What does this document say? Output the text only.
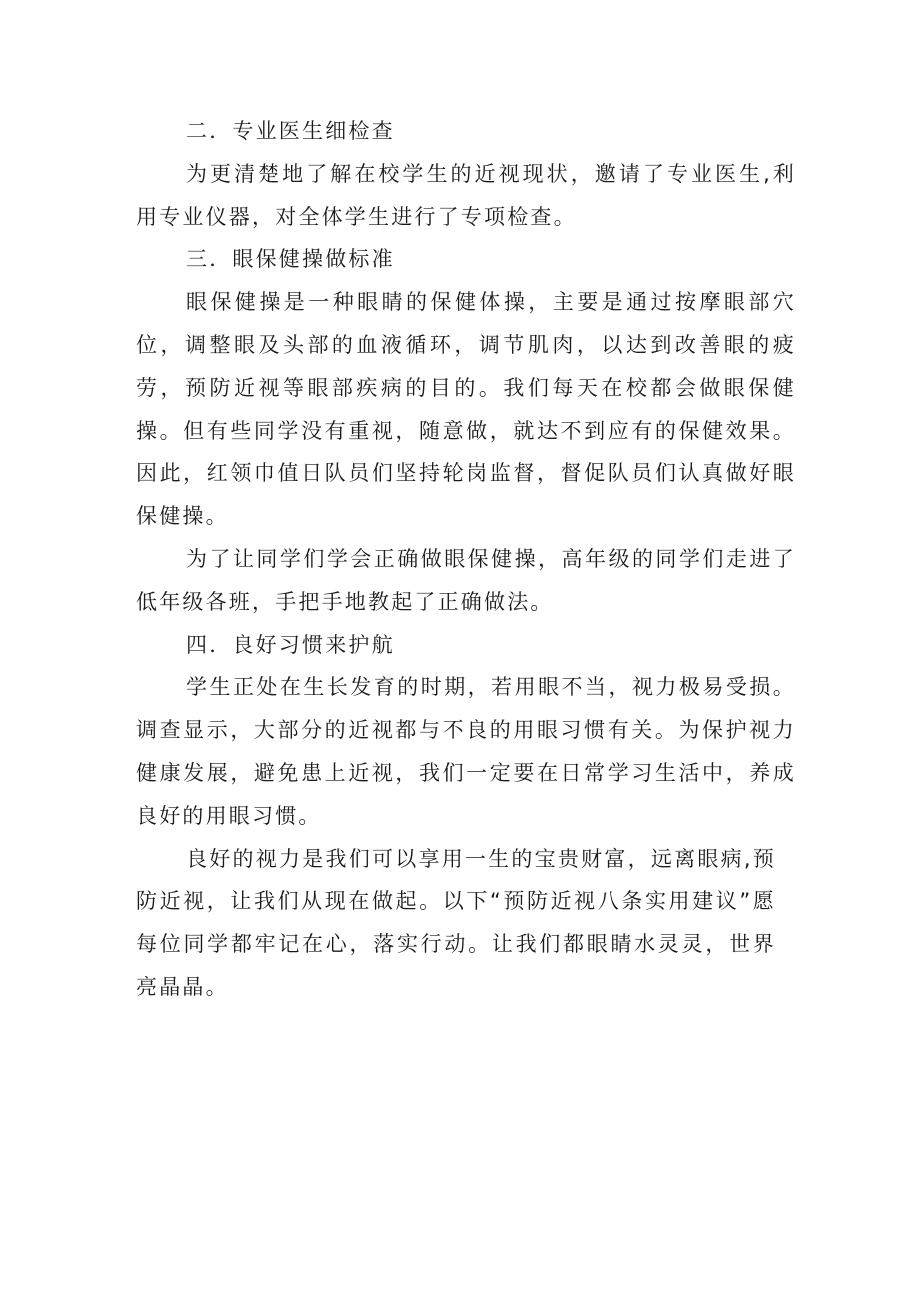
二．专业医生细检查

为更清楚地了解在校学生的近视现状，邀请了专业医生,利用专业仪器，对全体学生进行了专项检查。

三．眼保健操做标准

眼保健操是一种眼睛的保健体操，主要是通过按摩眼部穴位，调整眼及头部的血液循环，调节肌肉，以达到改善眼的疲劳，预防近视等眼部疾病的目的。我们每天在校都会做眼保健操。但有些同学没有重视，随意做，就达不到应有的保健效果。因此，红领巾值日队员们坚持轮岗监督，督促队员们认真做好眼保健操。

为了让同学们学会正确做眼保健操，高年级的同学们走进了低年级各班，手把手地教起了正确做法。

四．良好习惯来护航

学生正处在生长发育的时期，若用眼不当，视力极易受损。调查显示，大部分的近视都与不良的用眼习惯有关。为保护视力健康发展，避免患上近视，我们一定要在日常学习生活中，养成良好的用眼习惯。

良好的视力是我们可以享用一生的宝贵财富，远离眼病,预防近视，让我们从现在做起。以下“预防近视八条实用建议”愿每位同学都牢记在心，落实行动。让我们都眼睛水灵灵，世界亮晶晶。
